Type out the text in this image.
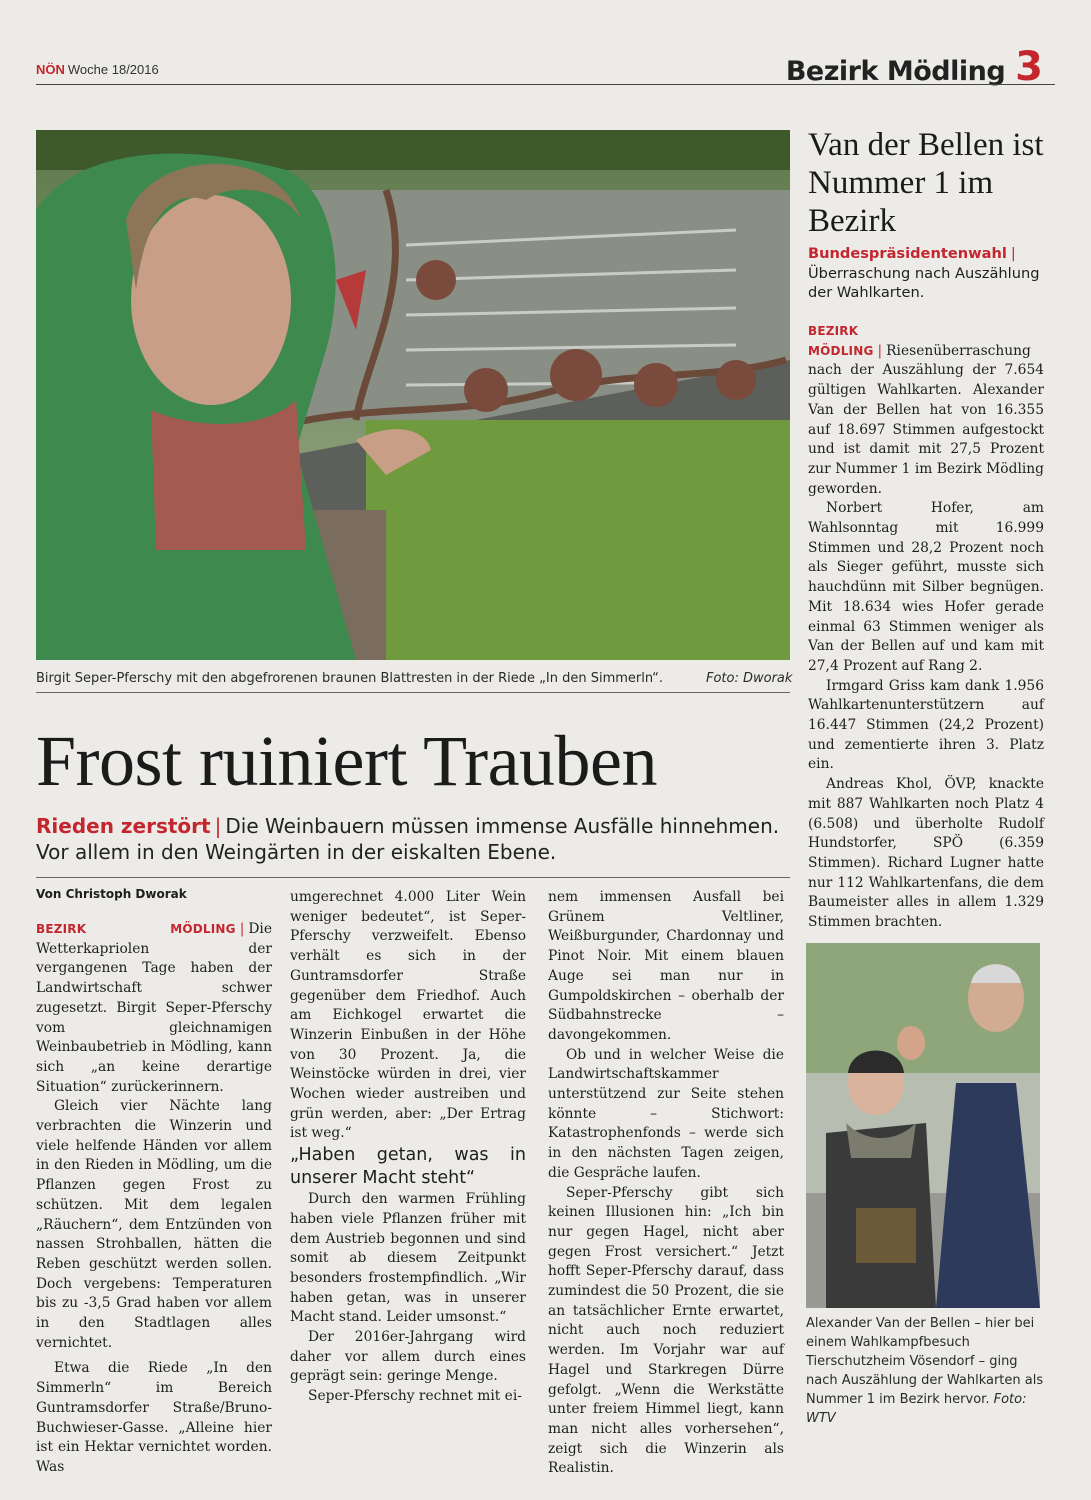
NÖN Woche 18/2016	Bezirk Mödling 3
Birgit Seper-Pferschy mit den abgefrorenen braunen Blattresten in der Riede „In den Simmerln“.	Foto: Dworak
Frost ruiniert Trauben
Rieden zerstört | Die Weinbauern müssen immense Ausfälle hinnehmen. Vor allem in den Weingärten in der eiskalten Ebene.
Von Christoph Dworak

BEZIRK MÖDLING | Die Wetterkapriolen der vergangenen Tage haben der Landwirtschaft schwer zugesetzt. Birgit Seper-Pferschy vom gleichnamigen Weinbaubetrieb in Mödling, kann sich „an keine derartige Situation“ zurückerinnern.

Gleich vier Nächte lang verbrachten die Winzerin und viele helfende Händen vor allem in den Rieden in Mödling, um die Pflanzen gegen Frost zu schützen. Mit dem legalen „Räuchern“, dem Entzünden von nassen Strohballen, hätten die Reben geschützt werden sollen. Doch vergebens: Temperaturen bis zu -3,5 Grad haben vor allem in den Stadtlagen alles vernichtet.

Etwa die Riede „In den Simmerln“ im Bereich Guntramsdorfer Straße/Bruno-Buchwieser-Gasse. „Alleine hier ist ein Hektar vernichtet worden. Was

umgerechnet 4.000 Liter Wein weniger bedeutet“, ist Seper-Pferschy verzweifelt. Ebenso verhält es sich in der Guntramsdorfer Straße gegenüber dem Friedhof. Auch am Eichkogel erwartet die Winzerin Einbußen in der Höhe von 30 Prozent. Ja, die Weinstöcke würden in drei, vier Wochen wieder austreiben und grün werden, aber: „Der Ertrag ist weg.“

„Haben getan, was in unserer Macht steht“

Durch den warmen Frühling haben viele Pflanzen früher mit dem Austrieb begonnen und sind somit ab diesem Zeitpunkt besonders frostempfindlich. „Wir haben getan, was in unserer Macht stand. Leider umsonst.“

Der 2016er-Jahrgang wird daher vor allem durch eines geprägt sein: geringe Menge.

Seper-Pferschy rechnet mit ei-

nem immensen Ausfall bei Grünem Veltliner, Weißburgunder, Chardonnay und Pinot Noir. Mit einem blauen Auge sei man nur in Gumpoldskirchen – oberhalb der Südbahnstrecke – davongekommen.

Ob und in welcher Weise die Landwirtschaftskammer unterstützend zur Seite stehen könnte – Stichwort: Katastrophenfonds – werde sich in den nächsten Tagen zeigen, die Gespräche laufen.

Seper-Pferschy gibt sich keinen Illusionen hin: „Ich bin nur gegen Hagel, nicht aber gegen Frost versichert.“ Jetzt hofft Seper-Pferschy darauf, dass zumindest die 50 Prozent, die sie an tatsächlicher Ernte erwartet, nicht auch noch reduziert werden. Im Vorjahr war auf Hagel und Starkregen Dürre gefolgt. „Wenn die Werkstätte unter freiem Himmel liegt, kann man nicht alles vorhersehen“, zeigt sich die Winzerin als Realistin.

Van der Bellen ist Nummer 1 im Bezirk
Bundespräsidentenwahl |Überraschung nach Auszählung der Wahlkarten.

BEZIRK MÖDLING | Riesenüberraschung nach der Auszählung der 7.654 gültigen Wahlkarten. Alexander Van der Bellen hat von 16.355 auf 18.697 Stimmen aufgestockt und ist damit mit 27,5 Prozent zur Nummer 1 im Bezirk Mödling geworden.

Norbert Hofer, am Wahlsonntag mit 16.999 Stimmen und 28,2 Prozent noch als Sieger geführt, musste sich hauchdünn mit Silber begnügen. Mit 18.634 wies Hofer gerade einmal 63 Stimmen weniger als Van der Bellen auf und kam mit 27,4 Prozent auf Rang 2.

Irmgard Griss kam dank 1.956 Wahlkartenunterstützern auf 16.447 Stimmen (24,2 Prozent) und zementierte ihren 3. Platz ein.

Andreas Khol, ÖVP, knackte mit 887 Wahlkarten noch Platz 4 (6.508) und überholte Rudolf Hundstorfer, SPÖ (6.359 Stimmen). Richard Lugner hatte nur 112 Wahlkartenfans, die dem Baumeister alles in allem 1.329 Stimmen brachten.

Alexander Van der Bellen – hier bei einem Wahlkampfbesuch Tierschutzheim Vösendorf – ging nach Auszählung der Wahlkarten als Nummer 1 im Bezirk hervor. Foto: WTV
